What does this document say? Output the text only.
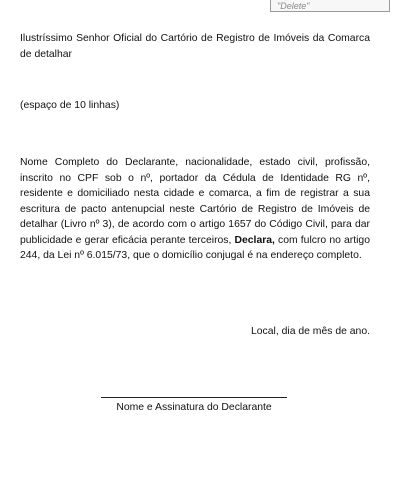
"Delete"
Ilustríssimo Senhor Oficial do Cartório de Registro de Imóveis da Comarca de detalhar
(espaço de 10 linhas)
Nome Completo do Declarante, nacionalidade, estado civil, profissão, inscrito no CPF sob o nº, portador da Cédula de Identidade RG nº, residente e domiciliado nesta cidade e comarca, a fim de registrar a sua escritura de pacto antenupcial neste Cartório de Registro de Imóveis de detalhar (Livro nº 3), de acordo com o artigo 1657 do Código Civil, para dar publicidade e gerar eficácia perante terceiros, Declara, com fulcro no artigo 244, da Lei nº 6.015/73, que o domicílio conjugal é na endereço completo.
Local, dia de mês de ano.
Nome e Assinatura do Declarante
